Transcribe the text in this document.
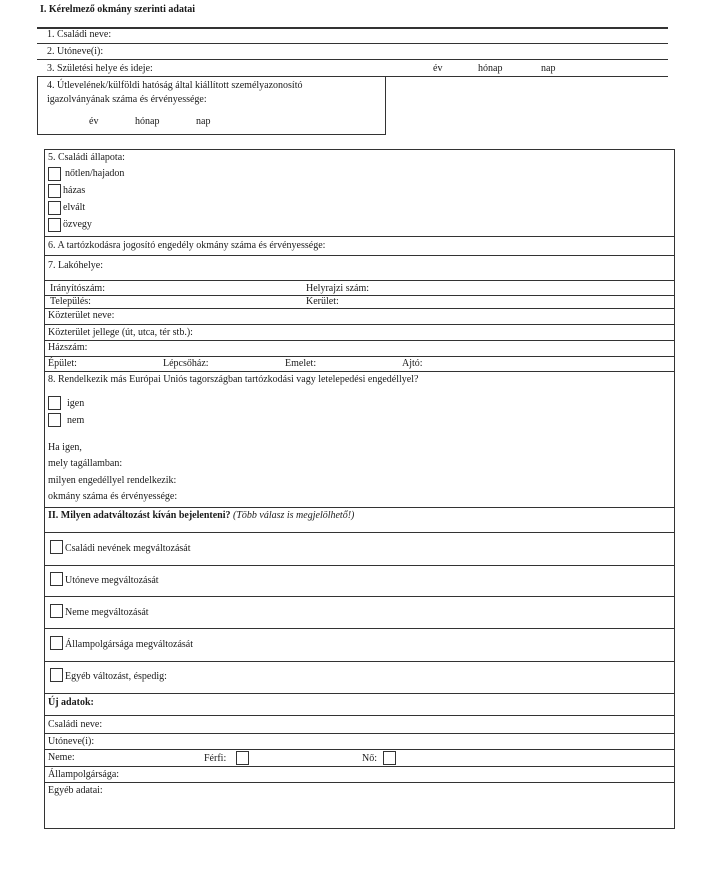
I. Kérelmező okmány szerinti adatai
1. Családi neve:
2. Utóneve(i):
3. Születési helye és ideje:	év	hónap	nap
4. Útlevelének/külföldi hatóság által kiállított személyazonosító
igazolványának száma és érvényessége:
év	hónap	nap
5. Családi állapota:
nőtlen/hajadon
házas
elvált
özvegy
6. A tartózkodásra jogosító engedély okmány száma és érvényessége:
7. Lakóhelye:
Irányítószám:	Helyrajzi szám:
Település:	Kerület:
Közterület neve:
Közterület jellege (út, utca, tér stb.):
Házszám:
Épület:	Lépcsőház:	Emelet:	Ajtó:
8. Rendelkezik más Európai Uniós tagországban tartózkodási vagy letelepedési engedéllyel?
igen
nem
Ha igen,
mely tagállamban:
milyen engedéllyel rendelkezik:
okmány száma és érvényessége:
II. Milyen adatváltozást kíván bejelenteni? (Több válasz is megjelölhető!)
Családi nevének megváltozását
Utóneve megváltozását
Neme megváltozását
Állampolgársága megváltozását
Egyéb változást, éspedig:
Új adatok:
Családi neve:
Utóneve(i):
Neme:	Férfi:	Nő:
Állampolgársága:
Egyéb adatai:
